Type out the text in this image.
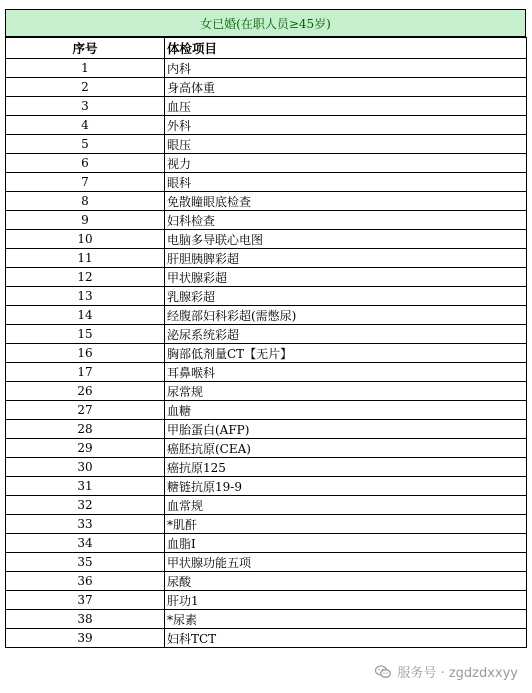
女已婚(在职人员≥45岁)
序号	体检项目
1	内科
2	身高体重
3	血压
4	外科
5	眼压
6	视力
7	眼科
8	免散瞳眼底检查
9	妇科检查
10	电脑多导联心电图
11	肝胆胰脾彩超
12	甲状腺彩超
13	乳腺彩超
14	经腹部妇科彩超(需憋尿)
15	泌尿系统彩超
16	胸部低剂量CT【无片】
17	耳鼻喉科
26	尿常规
27	血糖
28	甲胎蛋白(AFP)
29	癌胚抗原(CEA)
30	癌抗原125
31	糖链抗原19-9
32	血常规
33	*肌酐
34	血脂I
35	甲状腺功能五项
36	尿酸
37	肝功1
38	*尿素
39	妇科TCT
服务号 · zgdzdxxyy
